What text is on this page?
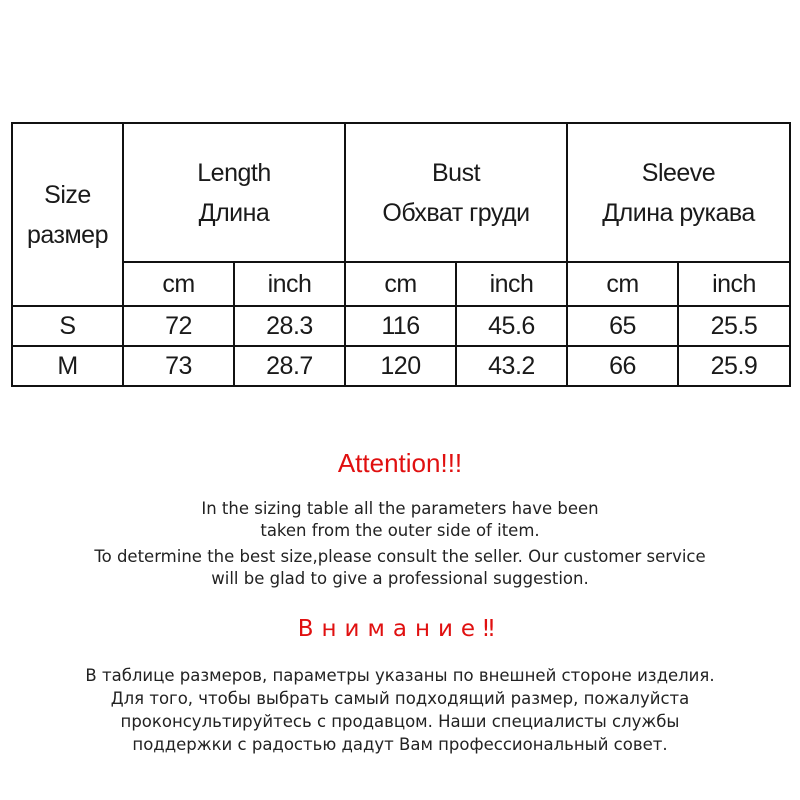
Size
размер	Length
Длина		Bust
Обхват груди		Sleeve
Длина рукава	

	cm	inch	cm	inch	cm	inch
S	72	28.3	116	45.6	65	25.5
M	73	28.7	120	43.2	66	25.9
Attention!!!
In the sizing table all the parameters have been
taken from the outer side of item.
To determine the best size,please consult the seller. Our customer service
will be glad to give a professional suggestion.
Внимание‼
В таблице размеров, параметры указаны по внешней стороне изделия.
Для того, чтобы выбрать самый подходящий размер, пожалуйста
проконсультируйтесь с продавцом. Наши специалисты службы
поддержки с радостью дадут Вам профессиональный совет.
